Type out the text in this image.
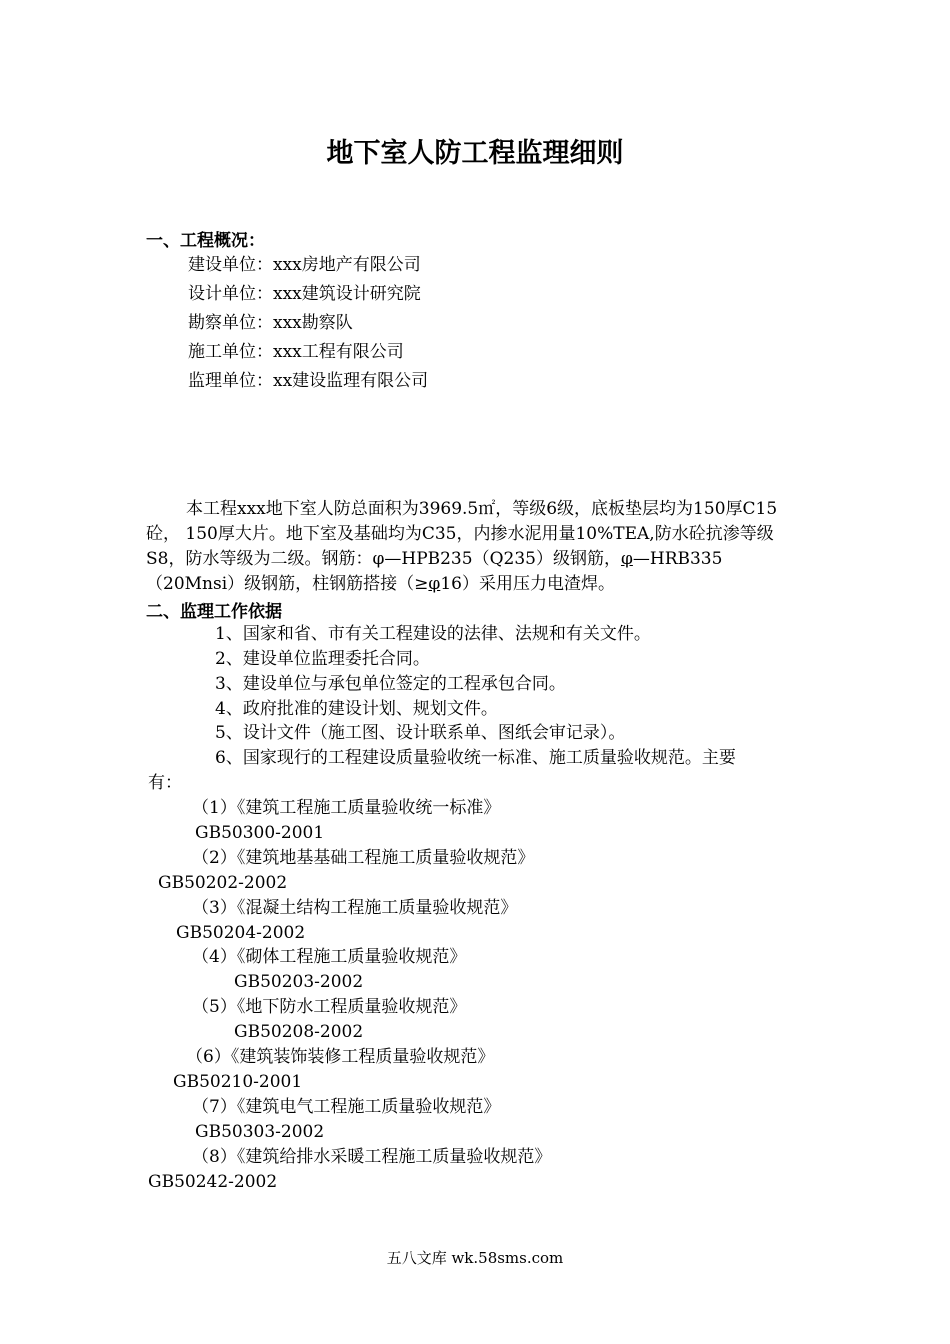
地下室人防工程监理细则
一、工程概况：
建设单位：xxx房地产有限公司
设计单位：xxx建筑设计研究院
勘察单位：xxx勘察队
施工单位：xxx工程有限公司
监理单位：xx建设监理有限公司
本工程xxx地下室人防总面积为3969.5㎡，等级6级，底板垫层均为150厚C15砼， 150厚大片。地下室及基础均为C35，内掺水泥用量10%TEA,防水砼抗渗等级S8，防水等级为二级。钢筋：φ—HPB235（Q235）级钢筋，φ—HRB335（20Mnsi）级钢筋，柱钢筋搭接（≥φ16）采用压力电渣焊。
二、监理工作依据
1、国家和省、市有关工程建设的法律、法规和有关文件。
2、建设单位监理委托合同。
3、建设单位与承包单位签定的工程承包合同。
4、政府批准的建设计划、规划文件。
5、设计文件（施工图、设计联系单、图纸会审记录）。
6、国家现行的工程建设质量验收统一标准、施工质量验收规范。主要
有：
（1）《建筑工程施工质量验收统一标准》
GB50300-2001
（2）《建筑地基基础工程施工质量验收规范》
GB50202-2002
（3）《混凝土结构工程施工质量验收规范》
GB50204-2002
（4）《砌体工程施工质量验收规范》
GB50203-2002
（5）《地下防水工程质量验收规范》
GB50208-2002
（6）《建筑装饰装修工程质量验收规范》
GB50210-2001
（7）《建筑电气工程施工质量验收规范》
GB50303-2002
（8）《建筑给排水采暖工程施工质量验收规范》
GB50242-2002
五八文库 wk.58sms.com
